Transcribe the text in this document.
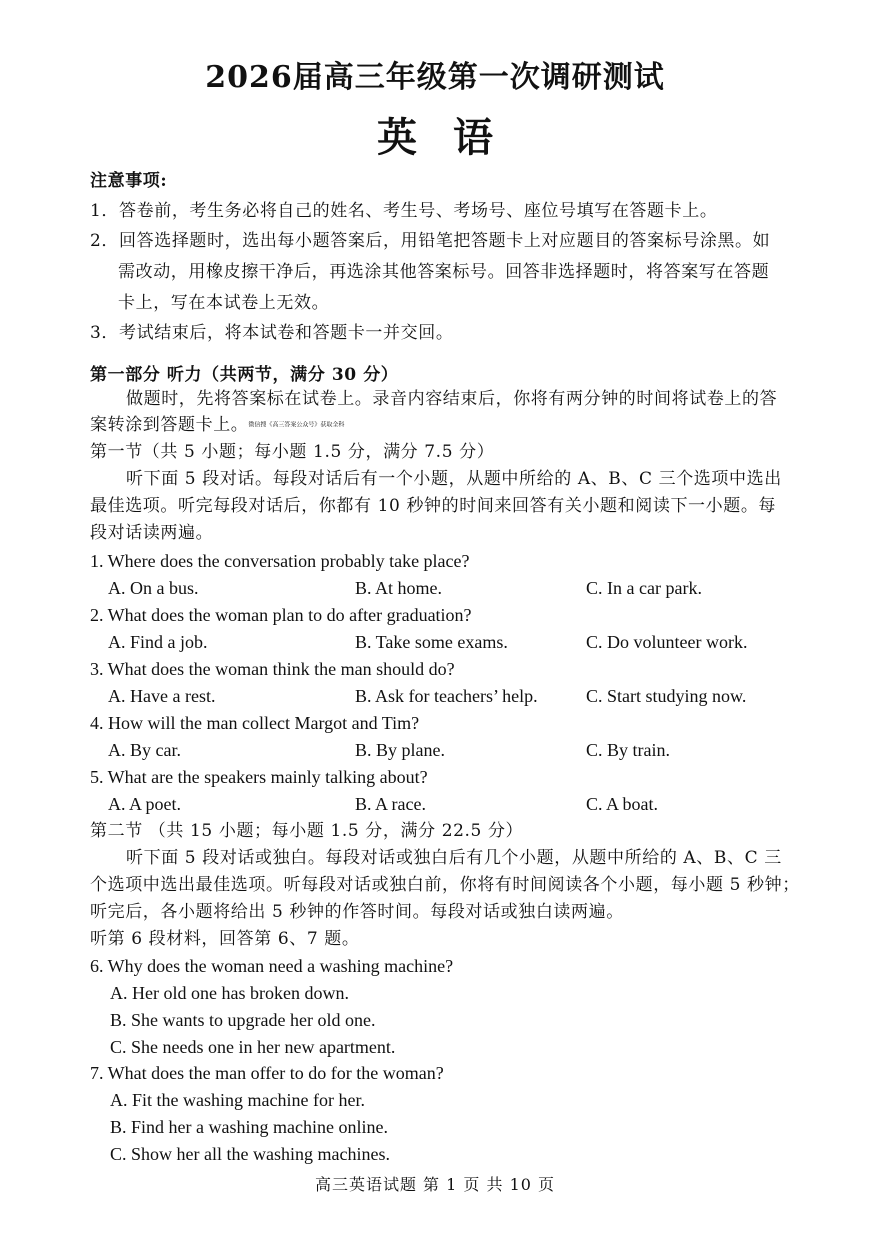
2026届高三年级第一次调研测试
英语
注意事项:
1．答卷前，考生务必将自己的姓名、考生号、考场号、座位号填写在答题卡上。
2．回答选择题时，选出每小题答案后，用铅笔把答题卡上对应题目的答案标号涂黑。如
需改动，用橡皮擦干净后，再选涂其他答案标号。回答非选择题时，将答案写在答题
卡上，写在本试卷上无效。
3．考试结束后，将本试卷和答题卡一并交回。
第一部分 听力（共两节，满分 30 分）
做题时，先将答案标在试卷上。录音内容结束后，你将有两分钟的时间将试卷上的答
案转涂到答题卡上。微信搜《高三答案公众号》获取全科
第一节（共 5 小题；每小题 1.5 分，满分 7.5 分）
听下面 5 段对话。每段对话后有一个小题，从题中所给的 A、B、C 三个选项中选出
最佳选项。听完每段对话后，你都有 10 秒钟的时间来回答有关小题和阅读下一小题。每
段对话读两遍。
1. Where does the conversation probably take place?
A. On a bus.	B. At home.	C. In a car park.
2. What does the woman plan to do after graduation?
A. Find a job.	B. Take some exams.	C. Do volunteer work.
3. What does the woman think the man should do?
A. Have a rest.	B. Ask for teachers’ help.	C. Start studying now.
4. How will the man collect Margot and Tim?
A. By car.	B. By plane.	C. By train.
5. What are the speakers mainly talking about?
A. A poet.	B. A race.	C. A boat.
第二节 （共 15 小题；每小题 1.5 分，满分 22.5 分）
听下面 5 段对话或独白。每段对话或独白后有几个小题，从题中所给的 A、B、C 三
个选项中选出最佳选项。听每段对话或独白前，你将有时间阅读各个小题，每小题 5 秒钟；
听完后，各小题将给出 5 秒钟的作答时间。每段对话或独白读两遍。
听第 6 段材料，回答第 6、7 题。
6. Why does the woman need a washing machine?
A. Her old one has broken down.
B. She wants to upgrade her old one.
C. She needs one in her new apartment.
7. What does the man offer to do for the woman?
A. Fit the washing machine for her.
B. Find her a washing machine online.
C. Show her all the washing machines.
高三英语试题 第 1 页 共 10 页
